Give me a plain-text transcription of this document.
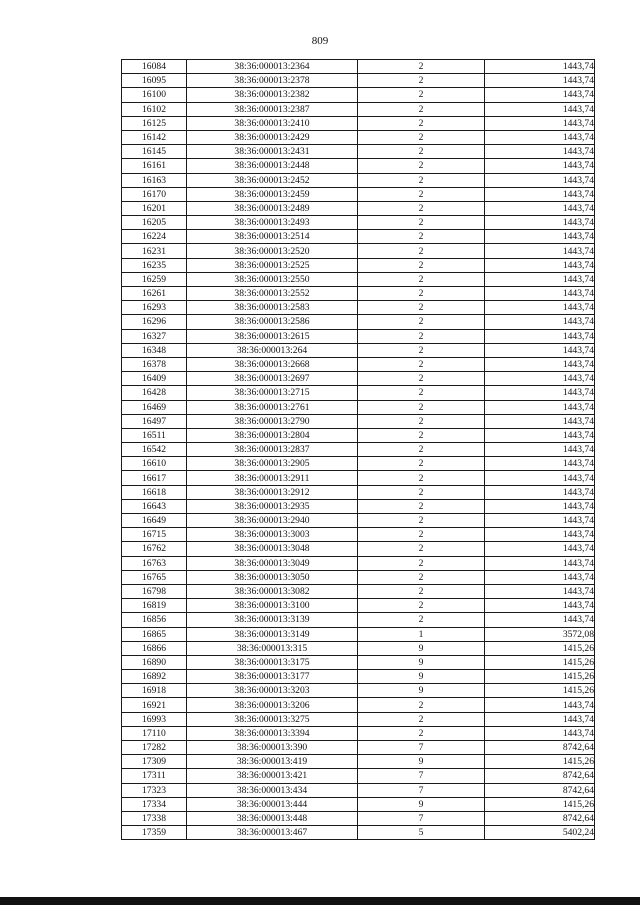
809
16084	38:36:000013:2364	2	1443,74
16095	38:36:000013:2378	2	1443,74
16100	38:36:000013:2382	2	1443,74
16102	38:36:000013:2387	2	1443,74
16125	38:36:000013:2410	2	1443,74
16142	38:36:000013:2429	2	1443,74
16145	38:36:000013:2431	2	1443,74
16161	38:36:000013:2448	2	1443,74
16163	38:36:000013:2452	2	1443,74
16170	38:36:000013:2459	2	1443,74
16201	38:36:000013:2489	2	1443,74
16205	38:36:000013:2493	2	1443,74
16224	38:36:000013:2514	2	1443,74
16231	38:36:000013:2520	2	1443,74
16235	38:36:000013:2525	2	1443,74
16259	38:36:000013:2550	2	1443,74
16261	38:36:000013:2552	2	1443,74
16293	38:36:000013:2583	2	1443,74
16296	38:36:000013:2586	2	1443,74
16327	38:36:000013:2615	2	1443,74
16348	38:36:000013:264	2	1443,74
16378	38:36:000013:2668	2	1443,74
16409	38:36:000013:2697	2	1443,74
16428	38:36:000013:2715	2	1443,74
16469	38:36:000013:2761	2	1443,74
16497	38:36:000013:2790	2	1443,74
16511	38:36:000013:2804	2	1443,74
16542	38:36:000013:2837	2	1443,74
16610	38:36:000013:2905	2	1443,74
16617	38:36:000013:2911	2	1443,74
16618	38:36:000013:2912	2	1443,74
16643	38:36:000013:2935	2	1443,74
16649	38:36:000013:2940	2	1443,74
16715	38:36:000013:3003	2	1443,74
16762	38:36:000013:3048	2	1443,74
16763	38:36:000013:3049	2	1443,74
16765	38:36:000013:3050	2	1443,74
16798	38:36:000013:3082	2	1443,74
16819	38:36:000013:3100	2	1443,74
16856	38:36:000013:3139	2	1443,74
16865	38:36:000013:3149	1	3572,08
16866	38:36:000013:315	9	1415,26
16890	38:36:000013:3175	9	1415,26
16892	38:36:000013:3177	9	1415,26
16918	38:36:000013:3203	9	1415,26
16921	38:36:000013:3206	2	1443,74
16993	38:36:000013:3275	2	1443,74
17110	38:36:000013:3394	2	1443,74
17282	38:36:000013:390	7	8742,64
17309	38:36:000013:419	9	1415,26
17311	38:36:000013:421	7	8742,64
17323	38:36:000013:434	7	8742,64
17334	38:36:000013:444	9	1415,26
17338	38:36:000013:448	7	8742,64
17359	38:36:000013:467	5	5402,24
